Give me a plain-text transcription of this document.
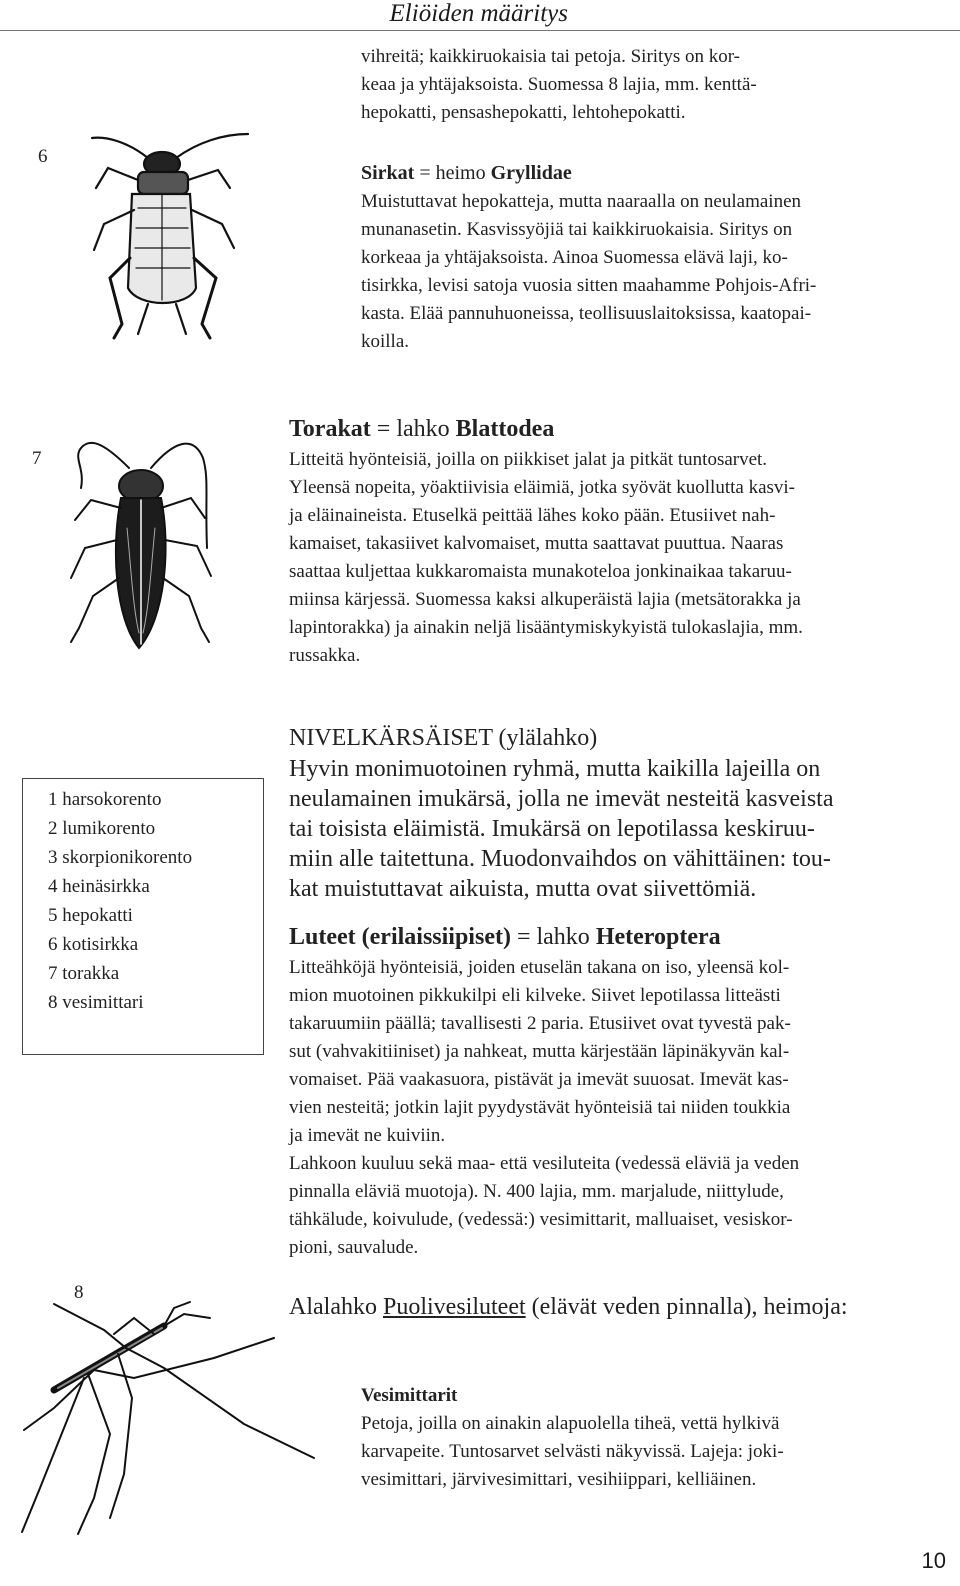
Eliöiden määritys

vihreitä; kaikkiruokaisia tai petoja. Siritys on kor-

keaa ja yhtäjaksoista. Suomessa 8 lajia, mm. kenttä-

hepokatti, pensashepokatti, lehtohepokatti.

6

Sirkat = heimo Gryllidae

Muistuttavat hepokatteja, mutta naaraalla on neulamainen

munanasetin. Kasvissyöjiä tai kaikkiruokaisia. Siritys on

korkeaa ja yhtäjaksoista. Ainoa Suomessa elävä laji, ko-

tisirkka, levisi satoja vuosia sitten maahamme Pohjois-Afri-

kasta. Elää pannuhuoneissa, teollisuuslaitoksissa, kaatopai-

koilla.

7

Torakat = lahko Blattodea

Litteitä hyönteisiä, joilla on piikkiset jalat ja pitkät tuntosarvet.

Yleensä nopeita, yöaktiivisia eläimiä, jotka syövät kuollutta kasvi-

ja eläinaineista. Etuselkä peittää lähes koko pään. Etusiivet nah-

kamaiset, takasiivet kalvomaiset, mutta saattavat puuttua. Naaras

saattaa kuljettaa kukkaromaista munakoteloa jonkinaikaa takaruu-

miinsa kärjessä. Suomessa kaksi alkuperäistä lajia (metsätorakka ja

lapintorakka) ja ainakin neljä lisääntymiskykyistä tulokaslajia, mm.

russakka.

1 harsokorento
2 lumikorento
3 skorpionikorento
4 heinäsirkka
5 hepokatti
6 kotisirkka
7 torakka
8 vesimittari
NIVELKÄRSÄISET (ylälahko)
Hyvin monimuotoinen ryhmä, mutta kaikilla lajeilla on
neulamainen imukärsä, jolla ne imevät nesteitä kasveista
tai toisista eläimistä. Imukärsä on lepotilassa keskiruu-
miin alle taitettuna. Muodonvaihdos on vähittäinen: tou-
kat muistuttavat aikuista, mutta ovat siivettömiä.

Luteet (erilaissiipiset) = lahko Heteroptera

Litteähköjä hyönteisiä, joiden etuselän takana on iso, yleensä kol-

mion muotoinen pikkukilpi eli kilveke. Siivet lepotilassa litteästi

takaruumiin päällä; tavallisesti 2 paria. Etusiivet ovat tyvestä pak-

sut (vahvakitiiniset) ja nahkeat, mutta kärjestään läpinäkyvän kal-

vomaiset. Pää vaakasuora, pistävät ja imevät suuosat. Imevät kas-

vien nesteitä; jotkin lajit pyydystävät hyönteisiä tai niiden toukkia

ja imevät ne kuiviin.

Lahkoon kuuluu sekä maa- että vesiluteita (vedessä eläviä ja veden

pinnalla eläviä muotoja). N. 400 lajia, mm. marjalude, niittylude,

tähkälude, koivulude, (vedessä:) vesimittarit, malluaiset, vesiskor-

pioni, sauvalude.

8
Alalahko Puolivesiluteet (elävät veden pinnalla), heimoja:

Vesimittarit

Petoja, joilla on ainakin alapuolella tiheä, vettä hylkivä

karvapeite. Tuntosarvet selvästi näkyvissä. Lajeja: joki-

vesimittari, järvivesimittari, vesihiippari, kelliäinen.

10
